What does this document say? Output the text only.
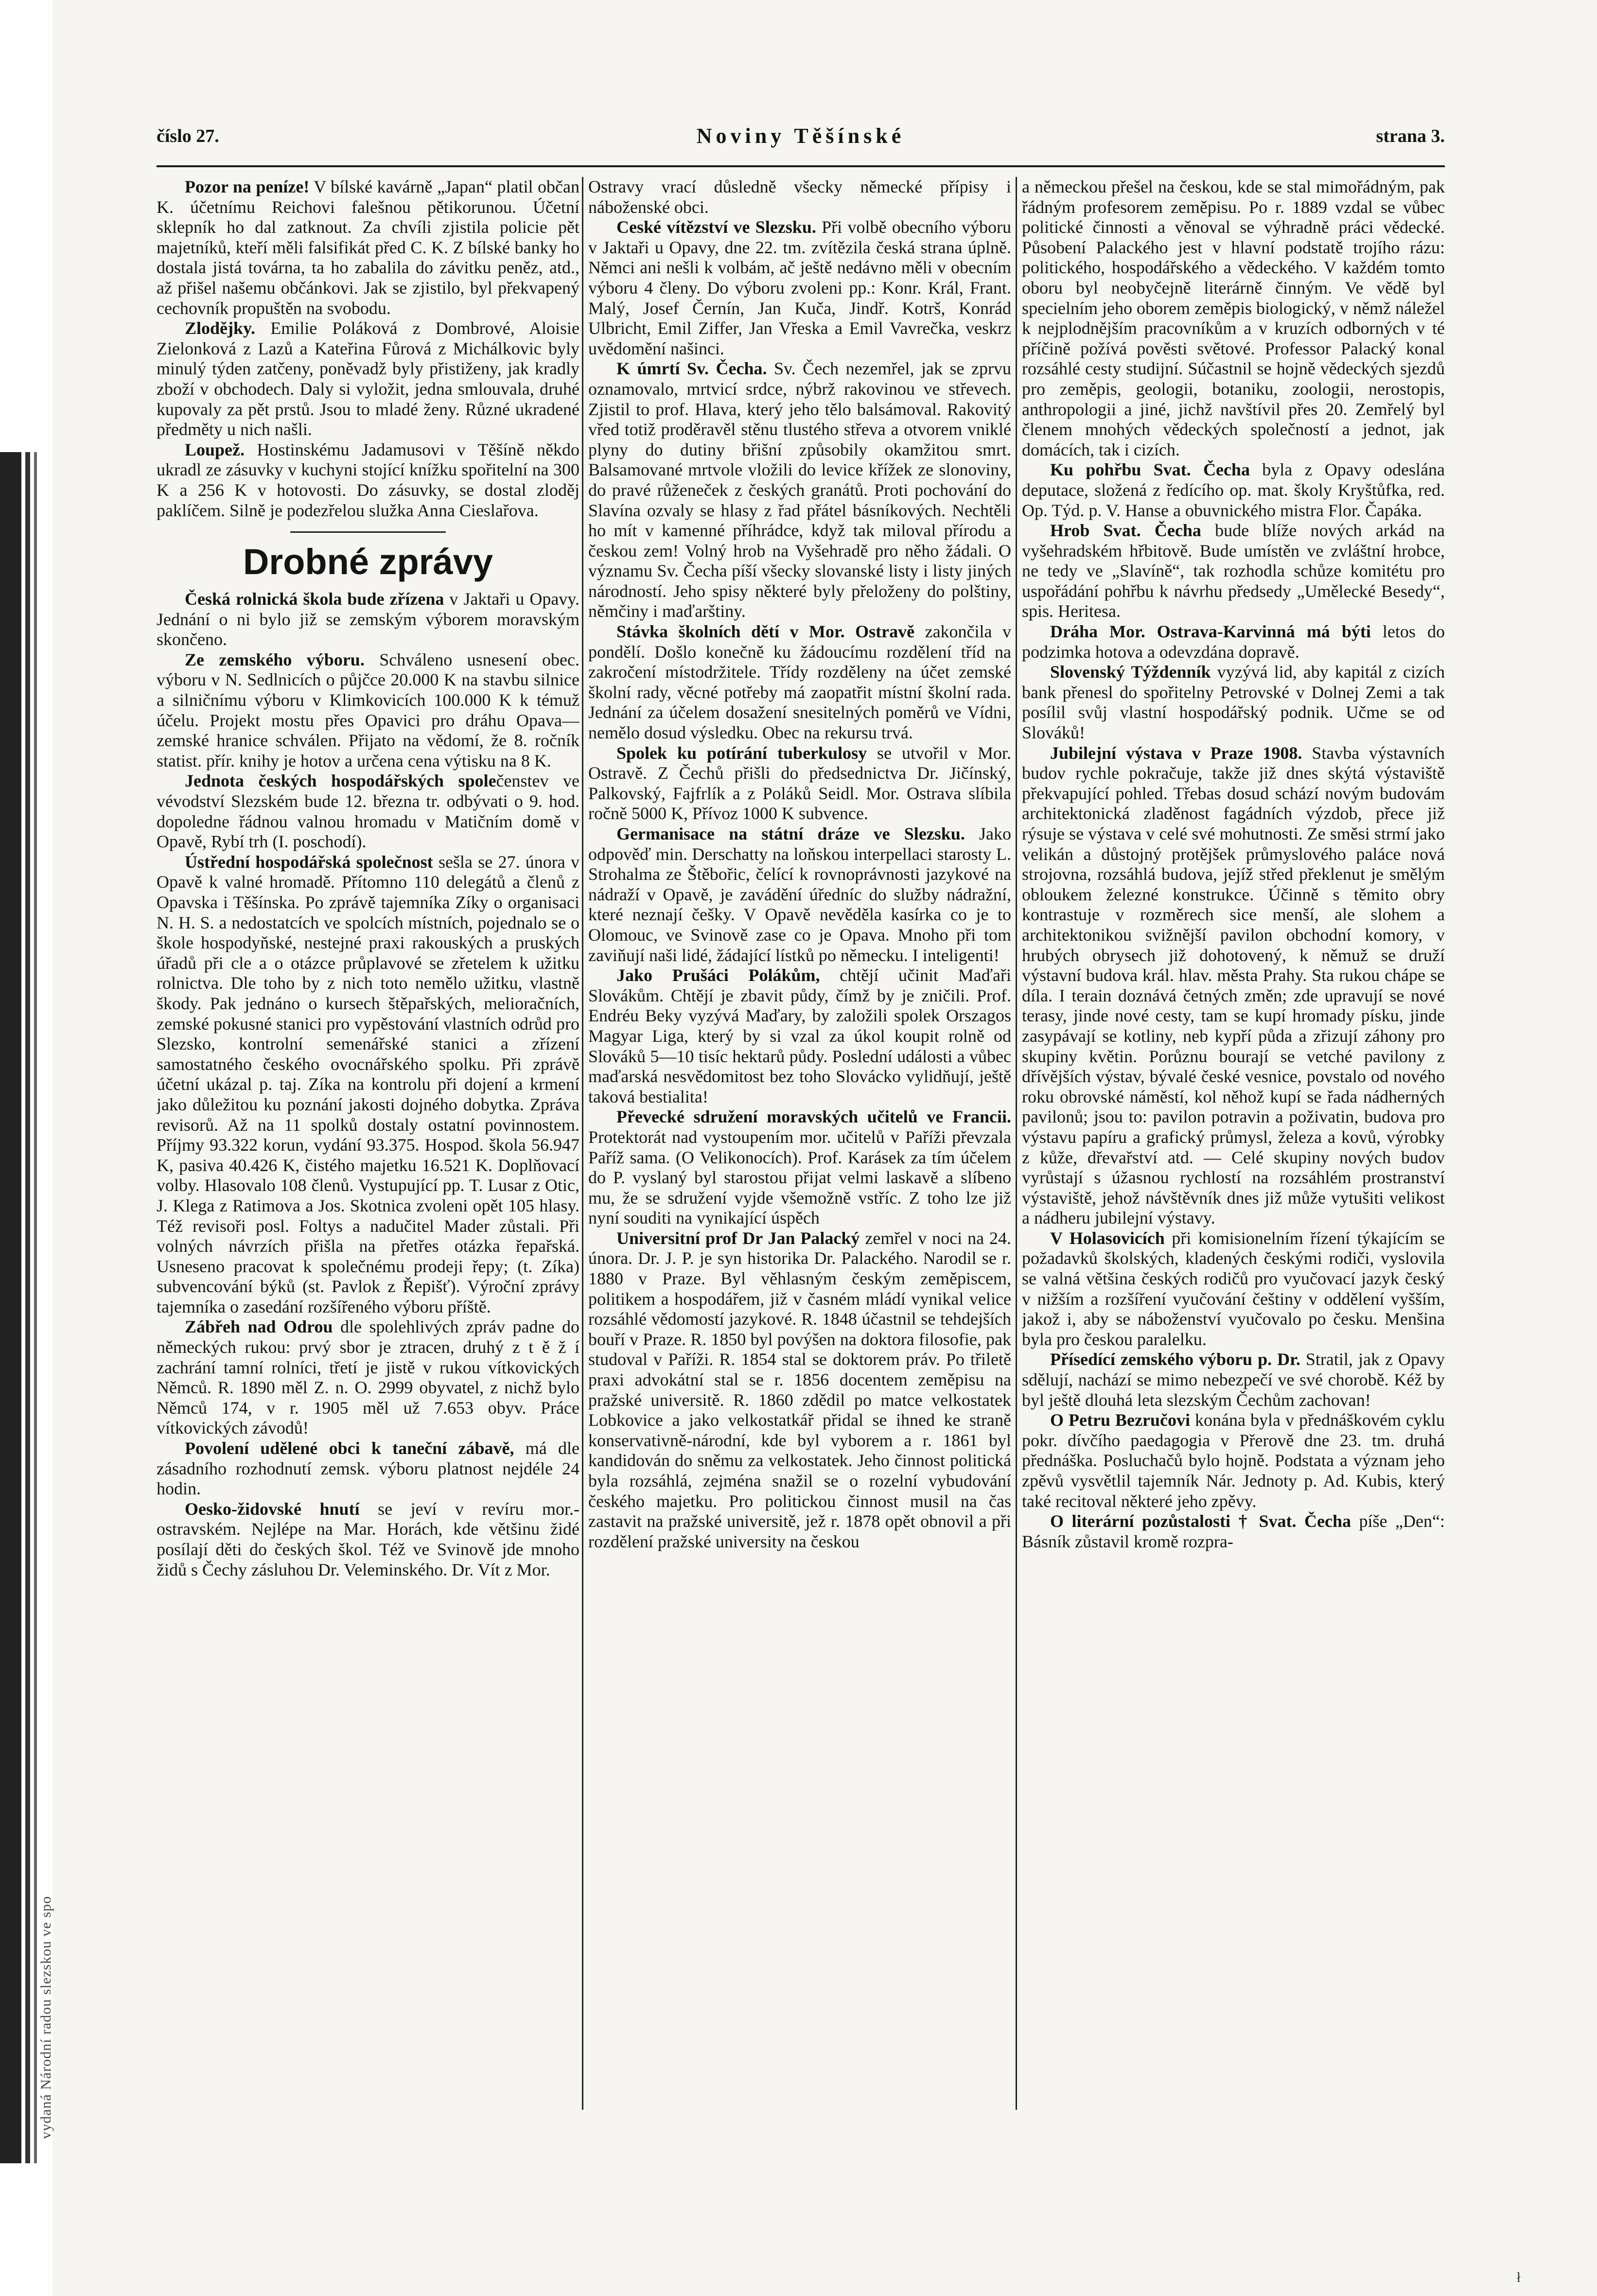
vydaná Národní radou slezskou ve spo
číslo 27.	Noviny Těšínské	strana 3.

Pozor na peníze! V bílské kavárně „Japan“ platil občan K. účetnímu Reichovi falešnou pětikorunou. Účetní sklepník ho dal zatknout. Za chvíli zjistila policie pět majetníků, kteří měli falsifikát před C. K. Z bílské banky ho dostala jistá továrna, ta ho zabalila do závitku peněz, atd., až přišel našemu občánkovi. Jak se zjistilo, byl překvapený cechovník propuštěn na svobodu.

Zlodějky. Emilie Poláková z Dombrové, Aloisie Zielonková z Lazů a Kateřina Fůrová z Michálkovic byly minulý týden zatčeny, poněvadž byly přistiženy, jak kradly zboží v obchodech. Daly si vyložit, jedna smlouvala, druhé kupovaly za pět prstů. Jsou to mladé ženy. Různé ukradené předměty u nich našli.

Loupež. Hostinskému Jadamusovi v Těšíně někdo ukradl ze zásuvky v kuchyni stojící knížku spořitelní na 300 K a 256 K v hotovosti. Do zásuvky, se dostal zloděj paklíčem. Silně je podezřelou služka Anna Cieslařova.

Drobné zprávy

Česká rolnická škola bude zřízena v Jaktaři u Opavy. Jednání o ni bylo již se zemským výborem moravským skončeno.

Ze zemského výboru. Schváleno usnesení obec. výboru v N. Sedlnicích o půjčce 20.000 K na stavbu silnice a silničnímu výboru v Klimkovicích 100.000 K k témuž účelu. Projekt mostu přes Opavici pro dráhu Opava—zemské hranice schválen. Přijato na vědomí, že 8. ročník statist. přír. knihy je hotov a určena cena výtisku na 8 K.

Jednota českých hospodářských společenstev ve vévodství Slezském bude 12. března tr. odbývati o 9. hod. dopoledne řádnou valnou hromadu v Matičním domě v Opavě, Rybí trh (I. poschodí).

Ústřední hospodářská společnost sešla se 27. února v Opavě k valné hromadě. Přítomno 110 delegátů a členů z Opavska i Těšínska. Po zprávě tajemníka Zíky o organisaci N. H. S. a nedostatcích ve spolcích místních, pojednalo se o škole hospodyňské, nestejné praxi rakouských a pruských úřadů při cle a o otázce průplavové se zřetelem k užitku rolnictva. Dle toho by z nich toto nemělo užitku, vlastně škody. Pak jednáno o kursech štěpařských, melioračních, zemské pokusné stanici pro vypěstování vlastních odrůd pro Slezsko, kontrolní semenářské stanici a zřízení samostatného českého ovocnářského spolku. Při zprávě účetní ukázal p. taj. Zíka na kontrolu při dojení a krmení jako důležitou ku poznání jakosti dojného dobytka. Zpráva revisorů. Až na 11 spolků dostaly ostatní povinnostem. Příjmy 93.322 korun, vydání 93.375. Hospod. škola 56.947 K, pasiva 40.426 K, čistého majetku 16.521 K. Doplňovací volby. Hlasovalo 108 členů. Vystupující pp. T. Lusar z Otic, J. Klega z Ratimova a Jos. Skotnica zvoleni opět 105 hlasy. Též revisoři posl. Foltys a nadučitel Mader zůstali. Při volných návrzích přišla na přetřes otázka řepařská. Usneseno pracovat k společnému prodeji řepy; (t. Zíka) subvencování býků (st. Pavlok z Řepišť). Výroční zprávy tajemníka o zasedání rozšířeného výboru příště.

Zábřeh nad Odrou dle spolehlivých zpráv padne do německých rukou: prvý sbor je ztracen, druhý z t ě ž í zachrání tamní rolníci, třetí je jistě v rukou vítkovických Němců. R. 1890 měl Z. n. O. 2999 obyvatel, z nichž bylo Němců 174, v r. 1905 měl už 7.653 obyv. Práce vítkovických závodů!

Povolení udělené obci k taneční zábavě, má dle zásadního rozhodnutí zemsk. výboru platnost nejdéle 24 hodin.

Oesko-židovské hnutí se jeví v revíru mor.-ostravském. Nejlépe na Mar. Horách, kde většinu židé posílají děti do českých škol. Též ve Svinově jde mnoho židů s Čechy zásluhou Dr. Veleminského. Dr. Vít z Mor.

Ostravy vrací důsledně všecky německé přípisy i náboženské obci.

Ceské vítězství ve Slezsku. Při volbě obecního výboru v Jaktaři u Opavy, dne 22. tm. zvítězila česká strana úplně. Němci ani nešli k volbám, ač ještě nedávno měli v obecním výboru 4 členy. Do výboru zvoleni pp.: Konr. Král, Frant. Malý, Josef Černín, Jan Kuča, Jindř. Kotrš, Konrád Ulbricht, Emil Ziffer, Jan Vřeska a Emil Vavrečka, veskrz uvědomění našinci.

K úmrtí Sv. Čecha. Sv. Čech nezemřel, jak se zprvu oznamovalo, mrtvicí srdce, nýbrž rakovinou ve střevech. Zjistil to prof. Hlava, který jeho tělo balsámoval. Rakovitý vřed totiž proděravěl stěnu tlustého střeva a otvorem vniklé plyny do dutiny břišní způsobily okamžitou smrt. Balsamované mrtvole vložili do levice křížek ze slonoviny, do pravé růženeček z českých granátů. Proti pochování do Slavína ozvaly se hlasy z řad přátel básníkových. Nechtěli ho mít v kamenné příhrádce, když tak miloval přírodu a českou zem! Volný hrob na Vyšehradě pro něho žádali. O významu Sv. Čecha píší všecky slovanské listy i listy jiných národností. Jeho spisy některé byly přeloženy do polštiny, němčiny i maďarštiny.

Stávka školních dětí v Mor. Ostravě zakončila v pondělí. Došlo konečně ku žádoucímu rozdělení tříd na zakročení místodržitele. Třídy rozděleny na účet zemské školní rady, věcné potřeby má zaopatřit místní školní rada. Jednání za účelem dosažení snesitelných poměrů ve Vídni, nemělo dosud výsledku. Obec na rekursu trvá.

Spolek ku potírání tuberkulosy se utvořil v Mor. Ostravě. Z Čechů přišli do předsednictva Dr. Jičínský, Palkovský, Fajfrlík a z Poláků Seidl. Mor. Ostrava slíbila ročně 5000 K, Přívoz 1000 K subvence.

Germanisace na státní dráze ve Slezsku. Jako odpověď min. Derschatty na loňskou interpellaci starosty L. Strohalma ze Štěbořic, čelící k rovnoprávnosti jazykové na nádraží v Opavě, je zavádění úředníc do služby nádražní, které neznají češky. V Opavě nevěděla kasírka co je to Olomouc, ve Svinově zase co je Opava. Mnoho při tom zaviňují naši lidé, žádající lístků po německu. I inteligenti!

Jako Prušáci Polákům, chtějí učinit Maďaři Slovákům. Chtějí je zbavit půdy, čímž by je zničili. Prof. Endréu Beky vyzývá Maďary, by založili spolek Orszagos Magyar Liga, který by si vzal za úkol koupit rolně od Slováků 5—10 tisíc hektarů půdy. Poslední události a vůbec maďarská nesvědomitost bez toho Slovácko vylidňují, ještě taková bestialita!

Převecké sdružení moravských učitelů ve Francii. Protektorát nad vystoupením mor. učitelů v Paříži převzala Paříž sama. (O Velikonocích). Prof. Karásek za tím účelem do P. vyslaný byl starostou přijat velmi laskavě a slíbeno mu, že se sdružení vyjde všemožně vstříc. Z toho lze již nyní souditi na vynikající úspěch

Universitní prof Dr Jan Palacký zemřel v noci na 24. února. Dr. J. P. je syn historika Dr. Palackého. Narodil se r. 1880 v Praze. Byl věhlasným českým zeměpiscem, politikem a hospodářem, již v časném mládí vynikal velice rozsáhlé vědomostí jazykové. R. 1848 účastnil se tehdejších bouří v Praze. R. 1850 byl povýšen na doktora filosofie, pak studoval v Paříži. R. 1854 stal se doktorem práv. Po třiletě praxi advokátní stal se r. 1856 docentem zeměpisu na pražské universitě. R. 1860 zdědil po matce velkostatek Lobkovice a jako velkostatkář přidal se ihned ke straně konservativně-národní, kde byl vyborem a r. 1861 byl kandidován do sněmu za velkostatek. Jeho činnost politická byla rozsáhlá, zejména snažil se o rozelní vybudování českého majetku. Pro politickou činnost musil na čas zastavit na pražské universitě, jež r. 1878 opět obnovil a při rozdělení pražské university na českou

a německou přešel na českou, kde se stal mimořádným, pak řádným profesorem zeměpisu. Po r. 1889 vzdal se vůbec politické činnosti a věnoval se výhradně práci vědecké. Působení Palackého jest v hlavní podstatě trojího rázu: politického, hospodářského a vědeckého. V každém tomto oboru byl neobyčejně literárně činným. Ve vědě byl specielním jeho oborem zeměpis biologický, v němž náležel k nejplodnějším pracovníkům a v kruzích odborných v té příčině požívá pověsti světové. Professor Palacký konal rozsáhlé cesty studijní. Súčastnil se hojně vědeckých sjezdů pro zeměpis, geologii, botaniku, zoologii, nerostopis, anthropologii a jiné, jichž navštívil přes 20. Zemřelý byl členem mnohých vědeckých společností a jednot, jak domácích, tak i cizích.

Ku pohřbu Svat. Čecha byla z Opavy odeslána deputace, složená z ředícího op. mat. školy Kryštůfka, red. Op. Týd. p. V. Hanse a obuvnického mistra Flor. Čapáka.

Hrob Svat. Čecha bude blíže nových arkád na vyšehradském hřbitově. Bude umístěn ve zvláštní hrobce, ne tedy ve „Slavíně“, tak rozhodla schůze komitétu pro uspořádání pohřbu k návrhu předsedy „Umělecké Besedy“, spis. Heritesa.

Dráha Mor. Ostrava-Karvinná má býti letos do podzimka hotova a odevzdána dopravě.

Slovenský Týždenník vyzývá lid, aby kapitál z cizích bank přenesl do spořitelny Petrovské v Dolnej Zemi a tak posílil svůj vlastní hospodářský podnik. Učme se od Slováků!

Jubilejní výstava v Praze 1908. Stavba výstavních budov rychle pokračuje, takže již dnes skýtá výstaviště překvapující pohled. Třebas dosud schází novým budovám architektonická zladěnost fagádních výzdob, přece již rýsuje se výstava v celé své mohutnosti. Ze směsi strmí jako velikán a důstojný protějšek průmyslového paláce nová strojovna, rozsáhlá budova, jejíž střed překlenut je smělým obloukem železné konstrukce. Účinně s těmito obry kontrastuje v rozměrech sice menší, ale slohem a architektonikou svižnější pavilon obchodní komory, v hrubých obrysech již dohotovený, k němuž se druží výstavní budova král. hlav. města Prahy. Sta rukou chápe se díla. I terain doznává četných změn; zde upravují se nové terasy, jinde nové cesty, tam se kupí hromady písku, jinde zasypávají se kotliny, neb kypří půda a zřizují záhony pro skupiny květin. Porůznu bourají se vetché pavilony z dřívějších výstav, bývalé české vesnice, povstalo od nového roku obrovské náměstí, kol něhož kupí se řada nádherných pavilonů; jsou to: pavilon potravin a poživatin, budova pro výstavu papíru a grafický průmysl, železa a kovů, výrobky z kůže, dřevařství atd. — Celé skupiny nových budov vyrůstají s úžasnou rychlostí na rozsáhlém prostranství výstaviště, jehož návštěvník dnes již může vytušiti velikost a nádheru jubilejní výstavy.

V Holasovicích při komisionelním řízení týkajícím se požadavků školských, kladených českými rodiči, vyslovila se valná většina českých rodičů pro vyučovací jazyk český v nižším a rozšíření vyučování češtiny v oddělení vyšším, jakož i, aby se náboženství vyučovalo po česku. Menšina byla pro českou paralelku.

Přísedící zemského výboru p. Dr. Stratil, jak z Opavy sdělují, nachází se mimo nebezpečí ve své chorobě. Kéž by byl ještě dlouhá leta slezským Čechům zachovan!

O Petru Bezručovi konána byla v přednáškovém cyklu pokr. dívčího paedagogia v Přerově dne 23. tm. druhá přednáška. Posluchačů bylo hojně. Podstata a význam jeho zpěvů vysvětlil tajemník Nár. Jednoty p. Ad. Kubis, který také recitoval některé jeho zpěvy.

O literární pozůstalosti † Svat. Čecha píše „Den“: Básník zůstavil kromě rozpra-

ł
